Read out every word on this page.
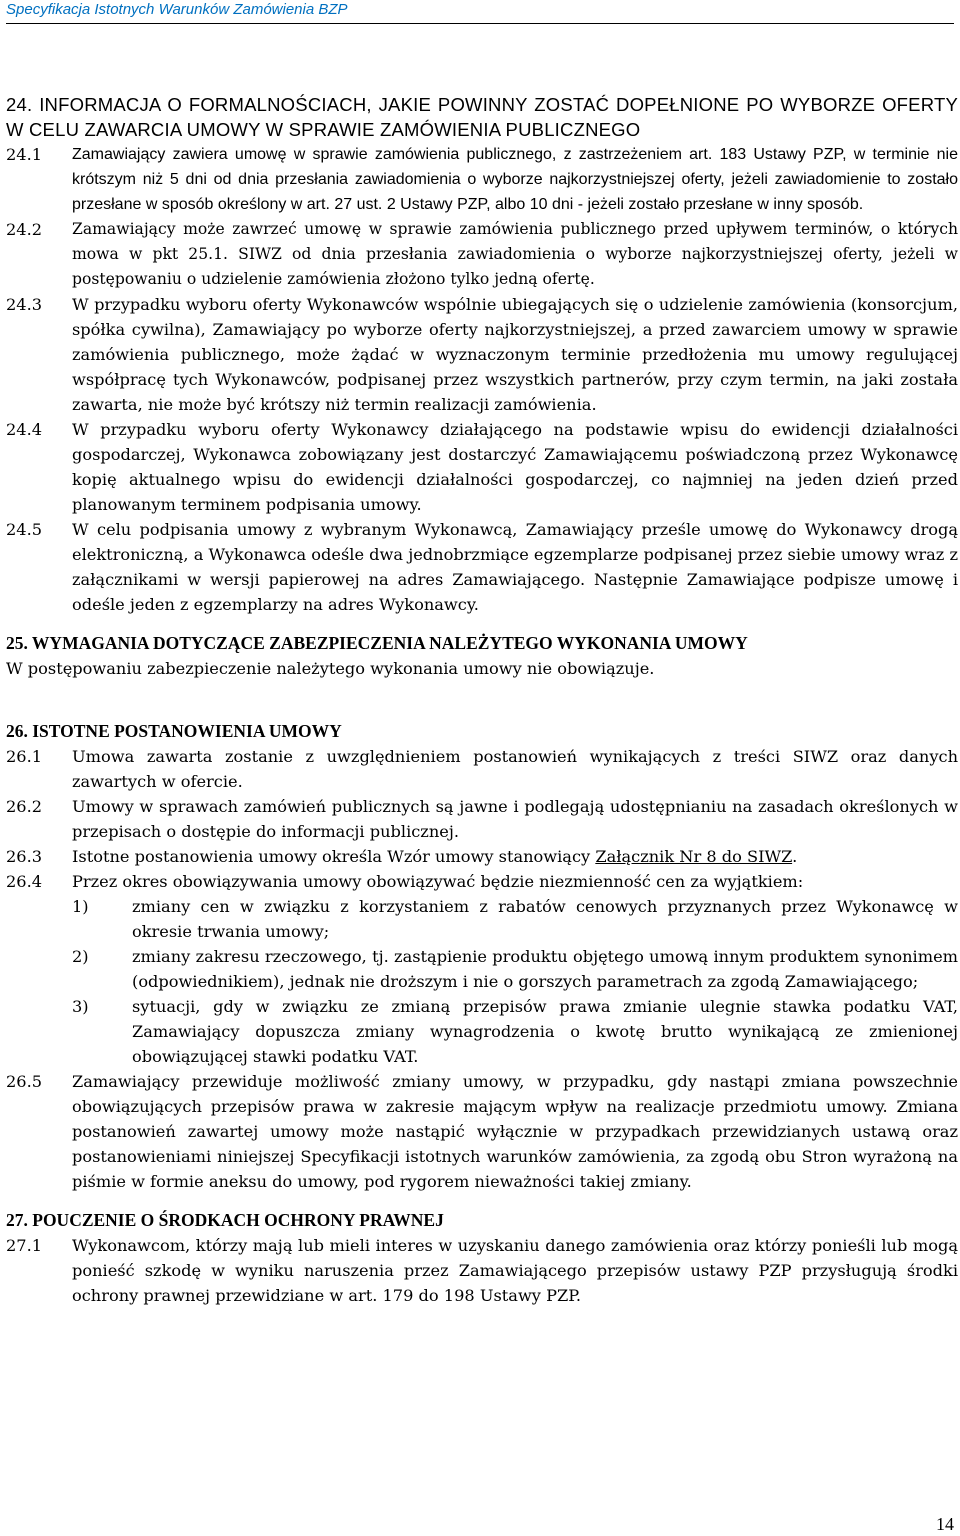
Specyfikacja Istotnych Warunków Zamówienia BZP
24. INFORMACJA O FORMALNOŚCIACH, JAKIE POWINNY ZOSTAĆ DOPEŁNIONE PO WYBORZE OFERTY W CELU ZAWARCIA UMOWY W SPRAWIE ZAMÓWIENIA PUBLICZNEGO
24.1	Zamawiający zawiera umowę w sprawie zamówienia publicznego, z zastrzeżeniem art. 183 Ustawy PZP, w terminie nie krótszym niż 5 dni od dnia przesłania zawiadomienia o wyborze najkorzystniejszej oferty, jeżeli zawiadomienie to zostało przesłane w sposób określony w art. 27 ust. 2 Ustawy PZP, albo 10 dni - jeżeli zostało przesłane w inny sposób.
24.2	Zamawiający może zawrzeć umowę w sprawie zamówienia publicznego przed upływem terminów, o których mowa w pkt 25.1. SIWZ od dnia przesłania zawiadomienia o wyborze najkorzystniejszej oferty, jeżeli w postępowaniu o udzielenie zamówienia złożono tylko jedną ofertę.
24.3	W przypadku wyboru oferty Wykonawców wspólnie ubiegających się o udzielenie zamówienia (konsorcjum, spółka cywilna), Zamawiający po wyborze oferty najkorzystniejszej, a przed zawarciem umowy w sprawie zamówienia publicznego, może żądać w wyznaczonym terminie przedłożenia mu umowy regulującej współpracę tych Wykonawców, podpisanej przez wszystkich partnerów, przy czym termin, na jaki została zawarta, nie może być krótszy niż termin realizacji zamówienia.
24.4	W przypadku wyboru oferty Wykonawcy działającego na podstawie wpisu do ewidencji działalności gospodarczej, Wykonawca zobowiązany jest dostarczyć Zamawiającemu poświadczoną przez Wykonawcę kopię aktualnego wpisu do ewidencji działalności gospodarczej, co najmniej na jeden dzień przed planowanym terminem podpisania umowy.
24.5	W celu podpisania umowy z wybranym Wykonawcą, Zamawiający prześle umowę do Wykonawcy drogą elektroniczną, a Wykonawca odeśle dwa jednobrzmiące egzemplarze podpisanej przez siebie umowy wraz z załącznikami w wersji papierowej na adres Zamawiającego. Następnie Zamawiające podpisze umowę i odeśle jeden z egzemplarzy na adres Wykonawcy.
25. WYMAGANIA DOTYCZĄCE ZABEZPIECZENIA NALEŻYTEGO WYKONANIA UMOWY
W postępowaniu zabezpieczenie należytego wykonania umowy nie obowiązuje.
26. ISTOTNE POSTANOWIENIA UMOWY
26.1	Umowa zawarta zostanie z uwzględnieniem postanowień wynikających z treści SIWZ oraz danych zawartych w ofercie.
26.2	Umowy w sprawach zamówień publicznych są jawne i podlegają udostępnianiu na zasadach określonych w przepisach o dostępie do informacji publicznej.
26.3	Istotne postanowienia umowy określa Wzór umowy stanowiący Załącznik Nr 8 do SIWZ.
26.4	Przez okres obowiązywania umowy obowiązywać będzie niezmienność cen za wyjątkiem:
1)	zmiany cen w związku z korzystaniem z rabatów cenowych przyznanych przez Wykonawcę w okresie trwania umowy;
2)	zmiany zakresu rzeczowego, tj. zastąpienie produktu objętego umową innym produktem synonimem (odpowiednikiem), jednak nie droższym i nie o gorszych parametrach za zgodą Zamawiającego;
3)	sytuacji, gdy w związku ze zmianą przepisów prawa zmianie ulegnie stawka podatku VAT, Zamawiający dopuszcza zmiany wynagrodzenia o kwotę brutto wynikającą ze zmienionej obowiązującej stawki podatku VAT.
26.5	Zamawiający przewiduje możliwość zmiany umowy, w przypadku, gdy nastąpi zmiana powszechnie obowiązujących przepisów prawa w zakresie mającym wpływ na realizacje przedmiotu umowy. Zmiana postanowień zawartej umowy może nastąpić wyłącznie w przypadkach przewidzianych ustawą oraz postanowieniami niniejszej Specyfikacji istotnych warunków zamówienia, za zgodą obu Stron wyrażoną na piśmie w formie aneksu do umowy, pod rygorem nieważności takiej zmiany.
27. POUCZENIE O ŚRODKACH OCHRONY PRAWNEJ
27.1	Wykonawcom, którzy mają lub mieli interes w uzyskaniu danego zamówienia oraz którzy ponieśli lub mogą ponieść szkodę w wyniku naruszenia przez Zamawiającego przepisów ustawy PZP przysługują środki ochrony prawnej przewidziane w art. 179 do 198 Ustawy PZP.
14
